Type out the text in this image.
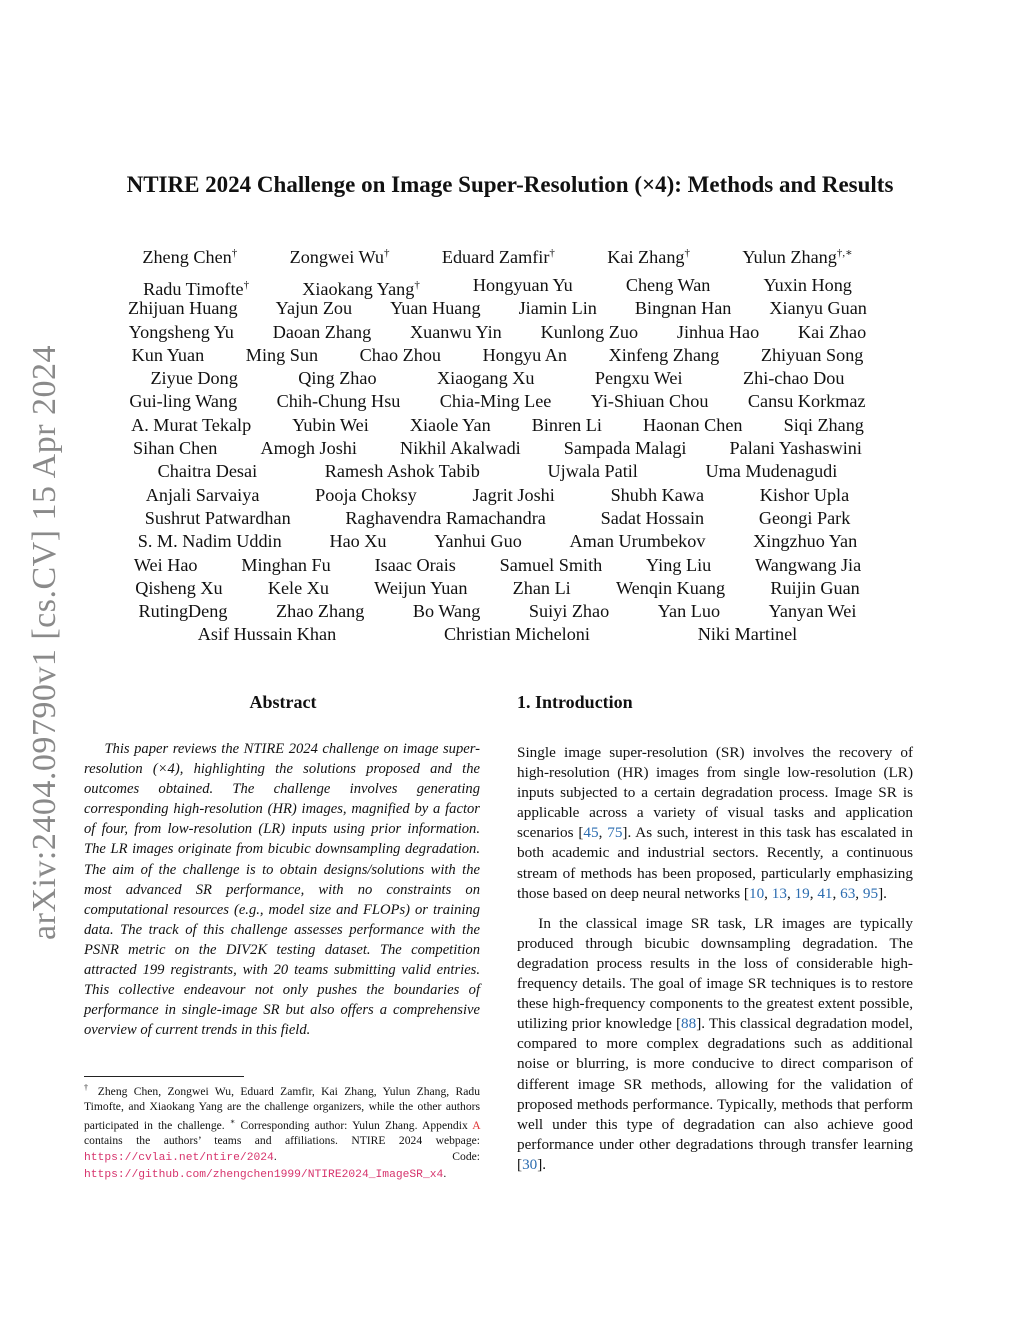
arXiv:2404.09790v1 [cs.CV] 15 Apr 2024
NTIRE 2024 Challenge on Image Super-Resolution (×4): Methods and Results
Zheng Chen†	Zongwei Wu†	Eduard Zamfir†	Kai Zhang†	Yulun Zhang†,∗
Radu Timofte†	Xiaokang Yang†	Hongyuan Yu	Cheng Wan	Yuxin Hong
Zhijuan Huang Yajun Zou Yuan Huang Jiamin Lin Bingnan Han Xianyu Guan
Yongsheng Yu Daoan Zhang Xuanwu Yin Kunlong Zuo Jinhua Hao Kai Zhao
Kun Yuan Ming Sun Chao Zhou Hongyu An Xinfeng Zhang Zhiyuan Song
Ziyue Dong	Qing Zhao	Xiaogang Xu	Pengxu Wei	Zhi-chao Dou
Gui-ling Wang Chih-Chung Hsu Chia-Ming Lee Yi-Shiuan Chou Cansu Korkmaz
A. Murat Tekalp Yubin Wei Xiaole Yan Binren Li Haonan Chen Siqi Zhang
Sihan Chen Amogh Joshi Nikhil Akalwadi Sampada Malagi Palani Yashaswini
Chaitra Desai	Ramesh Ashok Tabib	Ujwala Patil	Uma Mudenagudi
Anjali Sarvaiya	Pooja Choksy	Jagrit Joshi	Shubh Kawa	Kishor Upla
Sushrut Patwardhan	Raghavendra Ramachandra	Sadat Hossain	Geongi Park
S. M. Nadim Uddin	Hao Xu	Yanhui Guo	Aman Urumbekov	Xingzhuo Yan
Wei Hao Minghan Fu Isaac Orais Samuel Smith Ying Liu Wangwang Jia
Qisheng Xu Kele Xu Weijun Yuan Zhan Li Wenqin Kuang Ruijin Guan
RutingDeng	Zhao Zhang	Bo Wang	Suiyi Zhao	Yan Luo	Yanyan Wei
Asif Hussain Khan	Christian Micheloni	Niki Martinel
Abstract
This paper reviews the NTIRE 2024 challenge on image super-resolution (×4), highlighting the solutions proposed and the outcomes obtained. The challenge involves generating corresponding high-resolution (HR) images, magnified by a factor of four, from low-resolution (LR) inputs using prior information. The LR images originate from bicubic downsampling degradation. The aim of the challenge is to obtain designs/solutions with the most advanced SR performance, with no constraints on computational resources (e.g., model size and FLOPs) or training data. The track of this challenge assesses performance with the PSNR metric on the DIV2K testing dataset. The competition attracted 199 registrants, with 20 teams submitting valid entries. This collective endeavour not only pushes the boundaries of performance in single-image SR but also offers a comprehensive overview of current trends in this field.
† Zheng Chen, Zongwei Wu, Eduard Zamfir, Kai Zhang, Yulun Zhang, Radu Timofte, and Xiaokang Yang are the challenge organizers, while the other authors participated in the challenge. ∗ Corresponding author: Yulun Zhang. Appendix A contains the authors’ teams and affiliations. NTIRE 2024 webpage: https://cvlai.net/ntire/2024. Code: https://github.com/zhengchen1999/NTIRE2024_ImageSR_x4.
1. Introduction

Single image super-resolution (SR) involves the recovery of high-resolution (HR) images from single low-resolution (LR) inputs subjected to a certain degradation process. Image SR is applicable across a variety of visual tasks and application scenarios [45, 75]. As such, interest in this task has escalated in both academic and industrial sectors. Recently, a continuous stream of methods has been proposed, particularly emphasizing those based on deep neural networks [10, 13, 19, 41, 63, 95].

In the classical image SR task, LR images are typically produced through bicubic downsampling degradation. The degradation process results in the loss of considerable high-frequency details. The goal of image SR techniques is to restore these high-frequency components to the greatest extent possible, utilizing prior knowledge [88]. This classical degradation model, compared to more complex degradations such as additional noise or blurring, is more conducive to direct comparison of different image SR methods, allowing for the validation of proposed methods performance. Typically, methods that perform well under this type of degradation can also achieve good performance under other degradations through transfer learning [30].
